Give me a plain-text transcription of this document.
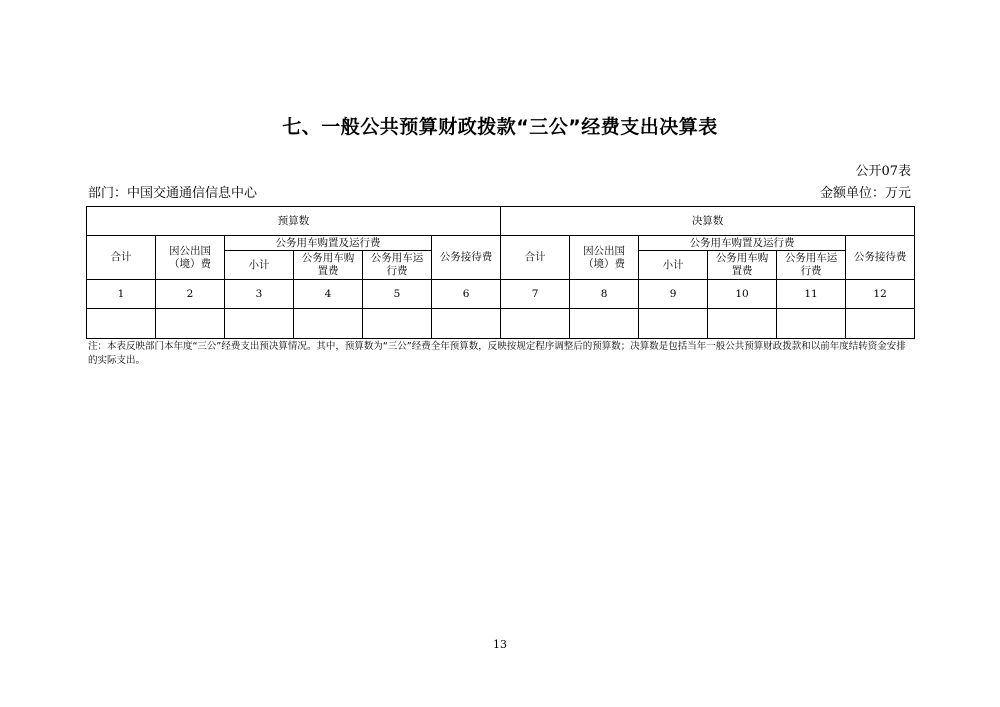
七、一般公共预算财政拨款“三公”经费支出决算表
公开07表
部门：中国交通通信信息中心	金额单位：万元
预算数						决算数					
合计	因公出国（境）费	公务用车购置及运行费			公务接待费	合计	因公出国（境）费	公务用车购置及运行费			公务接待费
		小计	公务用车购置费	公务用车运行费				小计	公务用车购置费	公务用车运行费	
1	2	3	4	5	6	7	8	9	10	11	12

注：本表反映部门本年度“三公”经费支出预决算情况。其中，预算数为“三公”经费全年预算数，反映按规定程序调整后的预算数；决算数是包括当年一般公共预算财政拨款和以前年度结转资金安排的实际支出。
13
